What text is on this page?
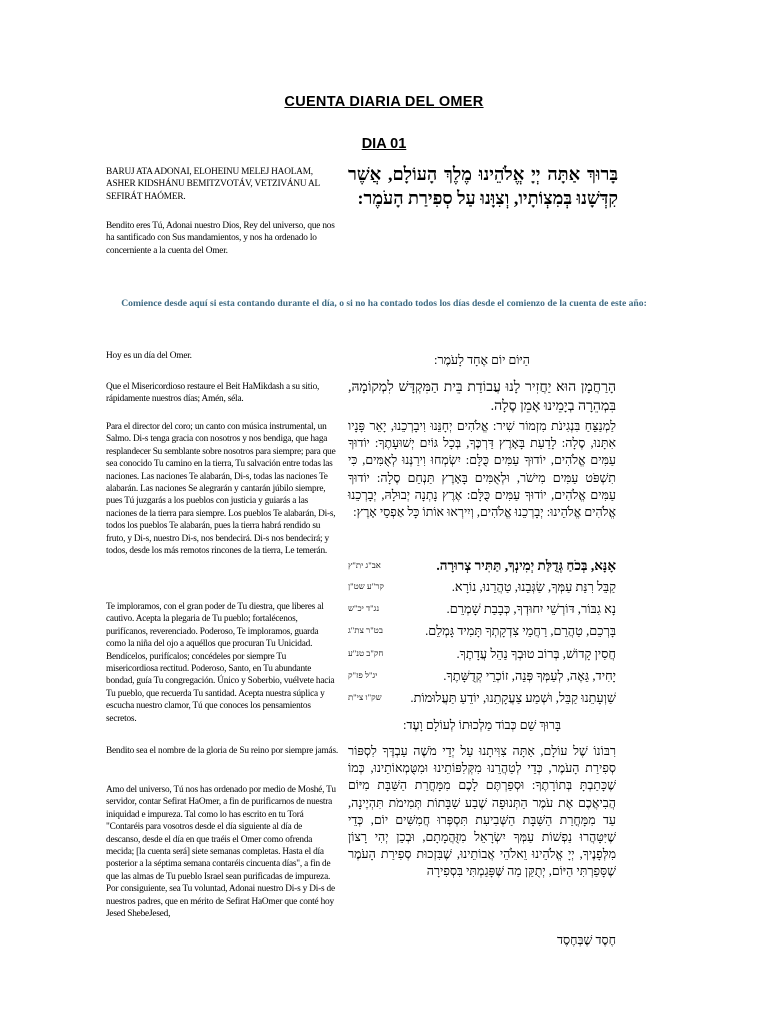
CUENTA DIARIA DEL OMER
DIA 01
BARUJ ATA ADONAI, ELOHEINU MELEJ HAOLAM, ASHER KIDSHÁNU BEMITZVOTÁV, VETZIVÁNU AL SEFIRÁT HAÓMER.
Bendito eres Tú, Adonai nuestro Dios, Rey del universo, que nos ha santificado con Sus mandamientos, y nos ha ordenado lo concerniente a la cuenta del Omer.
בָּרוּךְ אַתָּה יְיָ אֱלֹהֵינוּ מֶלֶךְ הָעוֹלָם, אֲשֶׁר קִדְּשָׁנוּ בְּמִצְוֹתָיו, וְצִוָּנוּ עַל סְפִירַת הָעֹמֶר:
Comience desde aquí si esta contando durante el día, o si no ha contado todos los días desde el comienzo de la cuenta de este año:
Hoy es un día del Omer.	הַיּוֹם יוֹם אֶחָד לָעֹמֶר:
Que el Misericordioso restaure el Beit HaMikdash a su sitio, rápidamente nuestros días; Amén, séla.
הָרַחֲמָן הוּא יַחֲזִיר לָנוּ עֲבוֹדַת בֵּית הַמִּקְדָּשׁ לִמְקוֹמָהּ, בִּמְהֵרָה בְיָמֵינוּ אָמֵן סֶלָה.
Para el director del coro; un canto con música instrumental, un Salmo. Di-s tenga gracia con nosotros y nos bendiga, que haga resplandecer Su semblante sobre nosotros para siempre; para que sea conocido Tu camino en la tierra, Tu salvación entre todas las naciones. Las naciones Te alabarán, Di-s, todas las naciones Te alabarán. Las naciones Se alegrarán y cantarán júbilo siempre, pues Tú juzgarás a los pueblos con justicia y guiarás a las naciones de la tierra para siempre. Los pueblos Te alabarán, Di-s, todos los pueblos Te alabarán, pues la tierra habrá rendido su fruto, y Di-s, nuestro Di-s, nos bendecirá. Di-s nos bendecirá; y todos, desde los más remotos rincones de la tierra, Le temerán.
לַמְנַצֵּחַ בִּנְגִינֹת מִזְמוֹר שִׁיר: אֱלֹהִים יְחָנֵּנוּ וִיבָרְכֵנוּ, יָאֵר פָּנָיו אִתָּנוּ, סֶלָה: לָדַעַת בָּאָרֶץ דַּרְכֶּךָ, בְּכָל גּוֹיִם יְשׁוּעָתֶךָ: יוֹדוּךָ עַמִּים אֱלֹהִים, יוֹדוּךָ עַמִּים כֻּלָּם: יִשְׂמְחוּ וִירַנְּנוּ לְאֻמִּים, כִּי תִשְׁפֹּט עַמִּים מִישֹׁר, וּלְאֻמִּים בָּאָרֶץ תַּנְחֵם סֶלָה: יוֹדוּךָ עַמִּים אֱלֹהִים, יוֹדוּךָ עַמִּים כֻּלָּם: אֶרֶץ נָתְנָה יְבוּלָהּ, יְבָרְכֵנוּ אֱלֹהִים אֱלֹהֵינוּ: יְבָרְכֵנוּ אֱלֹהִים, וְיִירְאוּ אוֹתוֹ כָּל אַפְסֵי אָרֶץ:
Te imploramos, con el gran poder de Tu diestra, que liberes al cautivo. Acepta la plegaria de Tu pueblo; fortalécenos, purifícanos, reverenciado. Poderoso, Te imploramos, guarda como la niña del ojo a aquéllos que procuran Tu Unicidad. Bendícelos, purifícalos; concédeles por siempre Tu misericordiosa rectitud. Poderoso, Santo, en Tu abundante bondad, guía Tu congregación. Único y Soberbio, vuélvete hacia Tu pueblo, que recuerda Tu santidad. Acepta nuestra súplica y escucha nuestro clamor, Tú que conoces los pensamientos secretos.
אב"ג ית"ץ	אָנָּא, בְּכֹחַ גְּדֻלַּת יְמִינְךָ, תַּתִּיר צְרוּרָה.
קר"ע שט"ן	קַבֵּל רִנַּת עַמְּךָ, שַׂגְּבֵנוּ, טַהֲרֵנוּ, נוֹרָא.
נג"ד יכ"ש	נָא גִבּוֹר, דּוֹרְשֵׁי יִחוּדְךָ, כְּבָבַת שָׁמְרֵם.
בט"ר צת"ג	בָּרְכֵם, טַהֲרֵם, רַחֲמֵי צִדְקָתְךָ תָּמִיד גָּמְלֵם.
חק"ב טנ"ע	חֲסִין קָדוֹשׁ, בְּרוֹב טוּבְךָ נַהֵל עֲדָתֶךָ.
יג"ל פז"ק	יָחִיד, גֵּאֶה, לְעַמְּךָ פְּנֵה, זוֹכְרֵי קְדֻשָּׁתֶךָ.
שק"ו צי"ת	שַׁוְעָתֵנוּ קַבֵּל, וּשְׁמַע צַעֲקָתֵנוּ, יוֹדֵעַ תַּעֲלוּמוֹת.
בָּרוּךְ שֵׁם כְּבוֹד מַלְכוּתוֹ לְעוֹלָם וָעֶד:
Bendito sea el nombre de la gloria de Su reino por siempre jamás.
Amo del universo, Tú nos has ordenado por medio de Moshé, Tu servidor, contar Sefirat HaOmer, a fin de purificarnos de nuestra iniquidad e impureza. Tal como lo has escrito en tu Torá "Contaréis para vosotros desde el día siguiente al día de descanso, desde el día en que traéis el Omer como ofrenda mecida; [la cuenta será] siete semanas completas. Hasta el día posterior a la séptima semana contaréis cincuenta días", a fin de que las almas de Tu pueblo Israel sean purificadas de impureza. Por consiguiente, sea Tu voluntad, Adonai nuestro Di-s y Di-s de nuestros padres, que en mérito de Sefirat HaOmer que conté hoy Jesed ShebeJesed,
רִבּוֹנוֹ שֶׁל עוֹלָם, אַתָּה צִוִּיתָנוּ עַל יְדֵי מֹשֶׁה עַבְדֶּךָ לִסְפּוֹר סְפִירַת הָעֹמֶר, כְּדֵי לְטַהֲרֵנוּ מִקְּלִפּוֹתֵינוּ וּמִטֻּמְאוֹתֵינוּ, כְּמוֹ שֶׁכָּתַבְתָּ בְּתוֹרָתֶךָ: וּסְפַרְתֶּם לָכֶם מִמָּחֳרַת הַשַּׁבָּת מִיּוֹם הֲבִיאֲכֶם אֶת עֹמֶר הַתְּנוּפָה שֶׁבַע שַׁבָּתוֹת תְּמִימֹת תִּהְיֶינָה, עַד מִמָּחֳרַת הַשַּׁבָּת הַשְּׁבִיעִת תִּסְפְּרוּ חֲמִשִּׁים יוֹם, כְּדֵי שֶׁיִּטָּהֲרוּ נַפְשׁוֹת עַמְּךָ יִשְׂרָאֵל מִזֻּהֲמָתָם, וּבְכֵן יְהִי רָצוֹן מִלְּפָנֶיךָ, יְיָ אֱלֹהֵינוּ וֵאלֹהֵי אֲבוֹתֵינוּ, שֶׁבִּזְכוּת סְפִירַת הָעֹמֶר שֶׁסָּפַרְתִּי הַיּוֹם, יְתֻקַּן מַה שֶּׁפָּגַמְתִּי בִּסְפִירָה
חֶסֶד שֶׁבְּחֶסֶד
